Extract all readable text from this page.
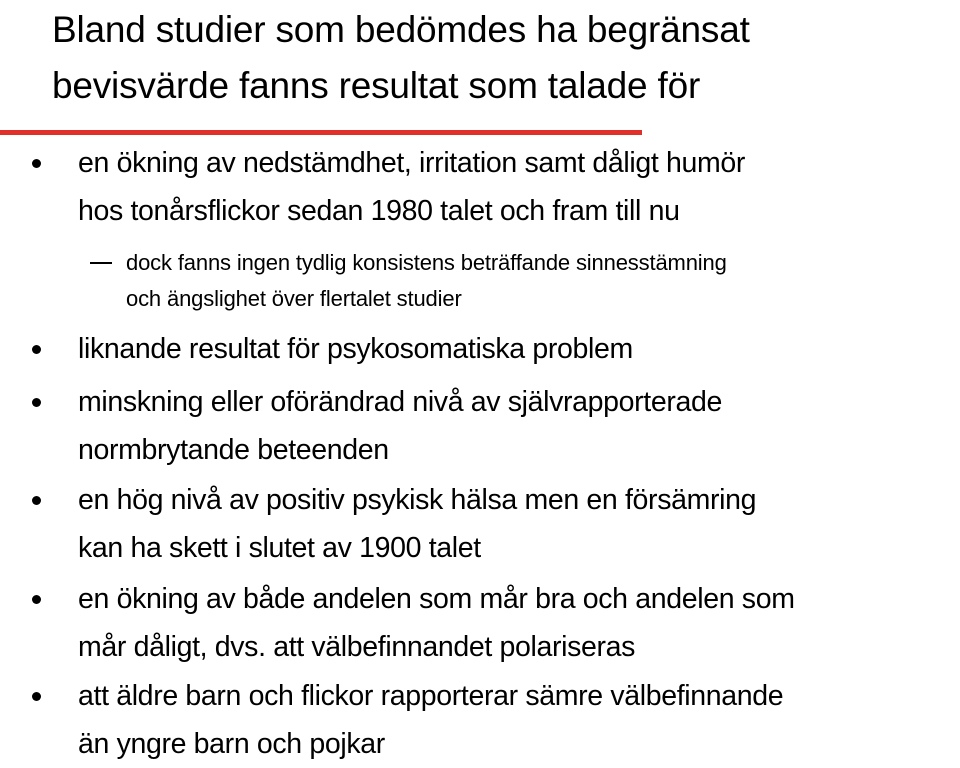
Bland studier som bedömdes ha begränsat
bevisvärde fanns resultat som talade för
en ökning av nedstämdhet, irritation samt dåligt humör
hos tonårsflickor sedan 1980 talet och fram till nu
dock fanns ingen tydlig konsistens beträffande sinnesstämning
och ängslighet över flertalet studier
liknande resultat för psykosomatiska problem
minskning eller oförändrad nivå av självrapporterade
normbrytande beteenden
en hög nivå av positiv psykisk hälsa men en försämring
kan ha skett i slutet av 1900 talet
en ökning av både andelen som mår bra och andelen som
mår dåligt, dvs. att välbefinnandet polariseras
att äldre barn och flickor rapporterar sämre välbefinnande
än yngre barn och pojkar
